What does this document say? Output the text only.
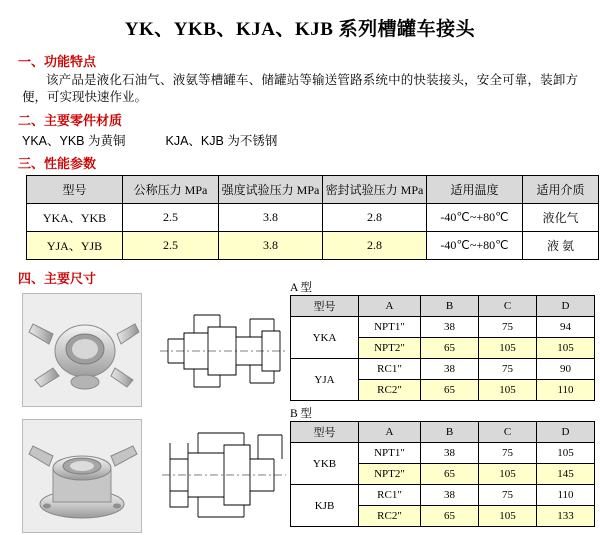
YK、YKB、KJA、KJB 系列槽罐车接头
一、功能特点
该产品是液化石油气、液氨等槽罐车、储罐站等输送管路系统中的快装接头，安全可靠，装卸方便，可实现快速作业。
二、主要零件材质
YKA、YKB 为黄铜	KJA、KJB 为不锈钢
三、性能参数
型号	公称压力 MPa	强度试验压力 MPa	密封试验压力 MPa	适用温度	适用介质
YKA、YKB	2.5	3.8	2.8	-40℃~+80℃	液化气
YJA、YJB	2.5	3.8	2.8	-40℃~+80℃	液 氨
四、主要尺寸

A 型
型号	A	B	C	D
YKA	NPT1"	38	75	94
	NPT2"	65	105	105
YJA	RC1"	38	75	90
	RC2"	65	105	110

B 型
型号	A	B	C	D
YKB	NPT1"	38	75	105
	NPT2"	65	105	145
KJB	RC1"	38	75	110
	RC2"	65	105	133
